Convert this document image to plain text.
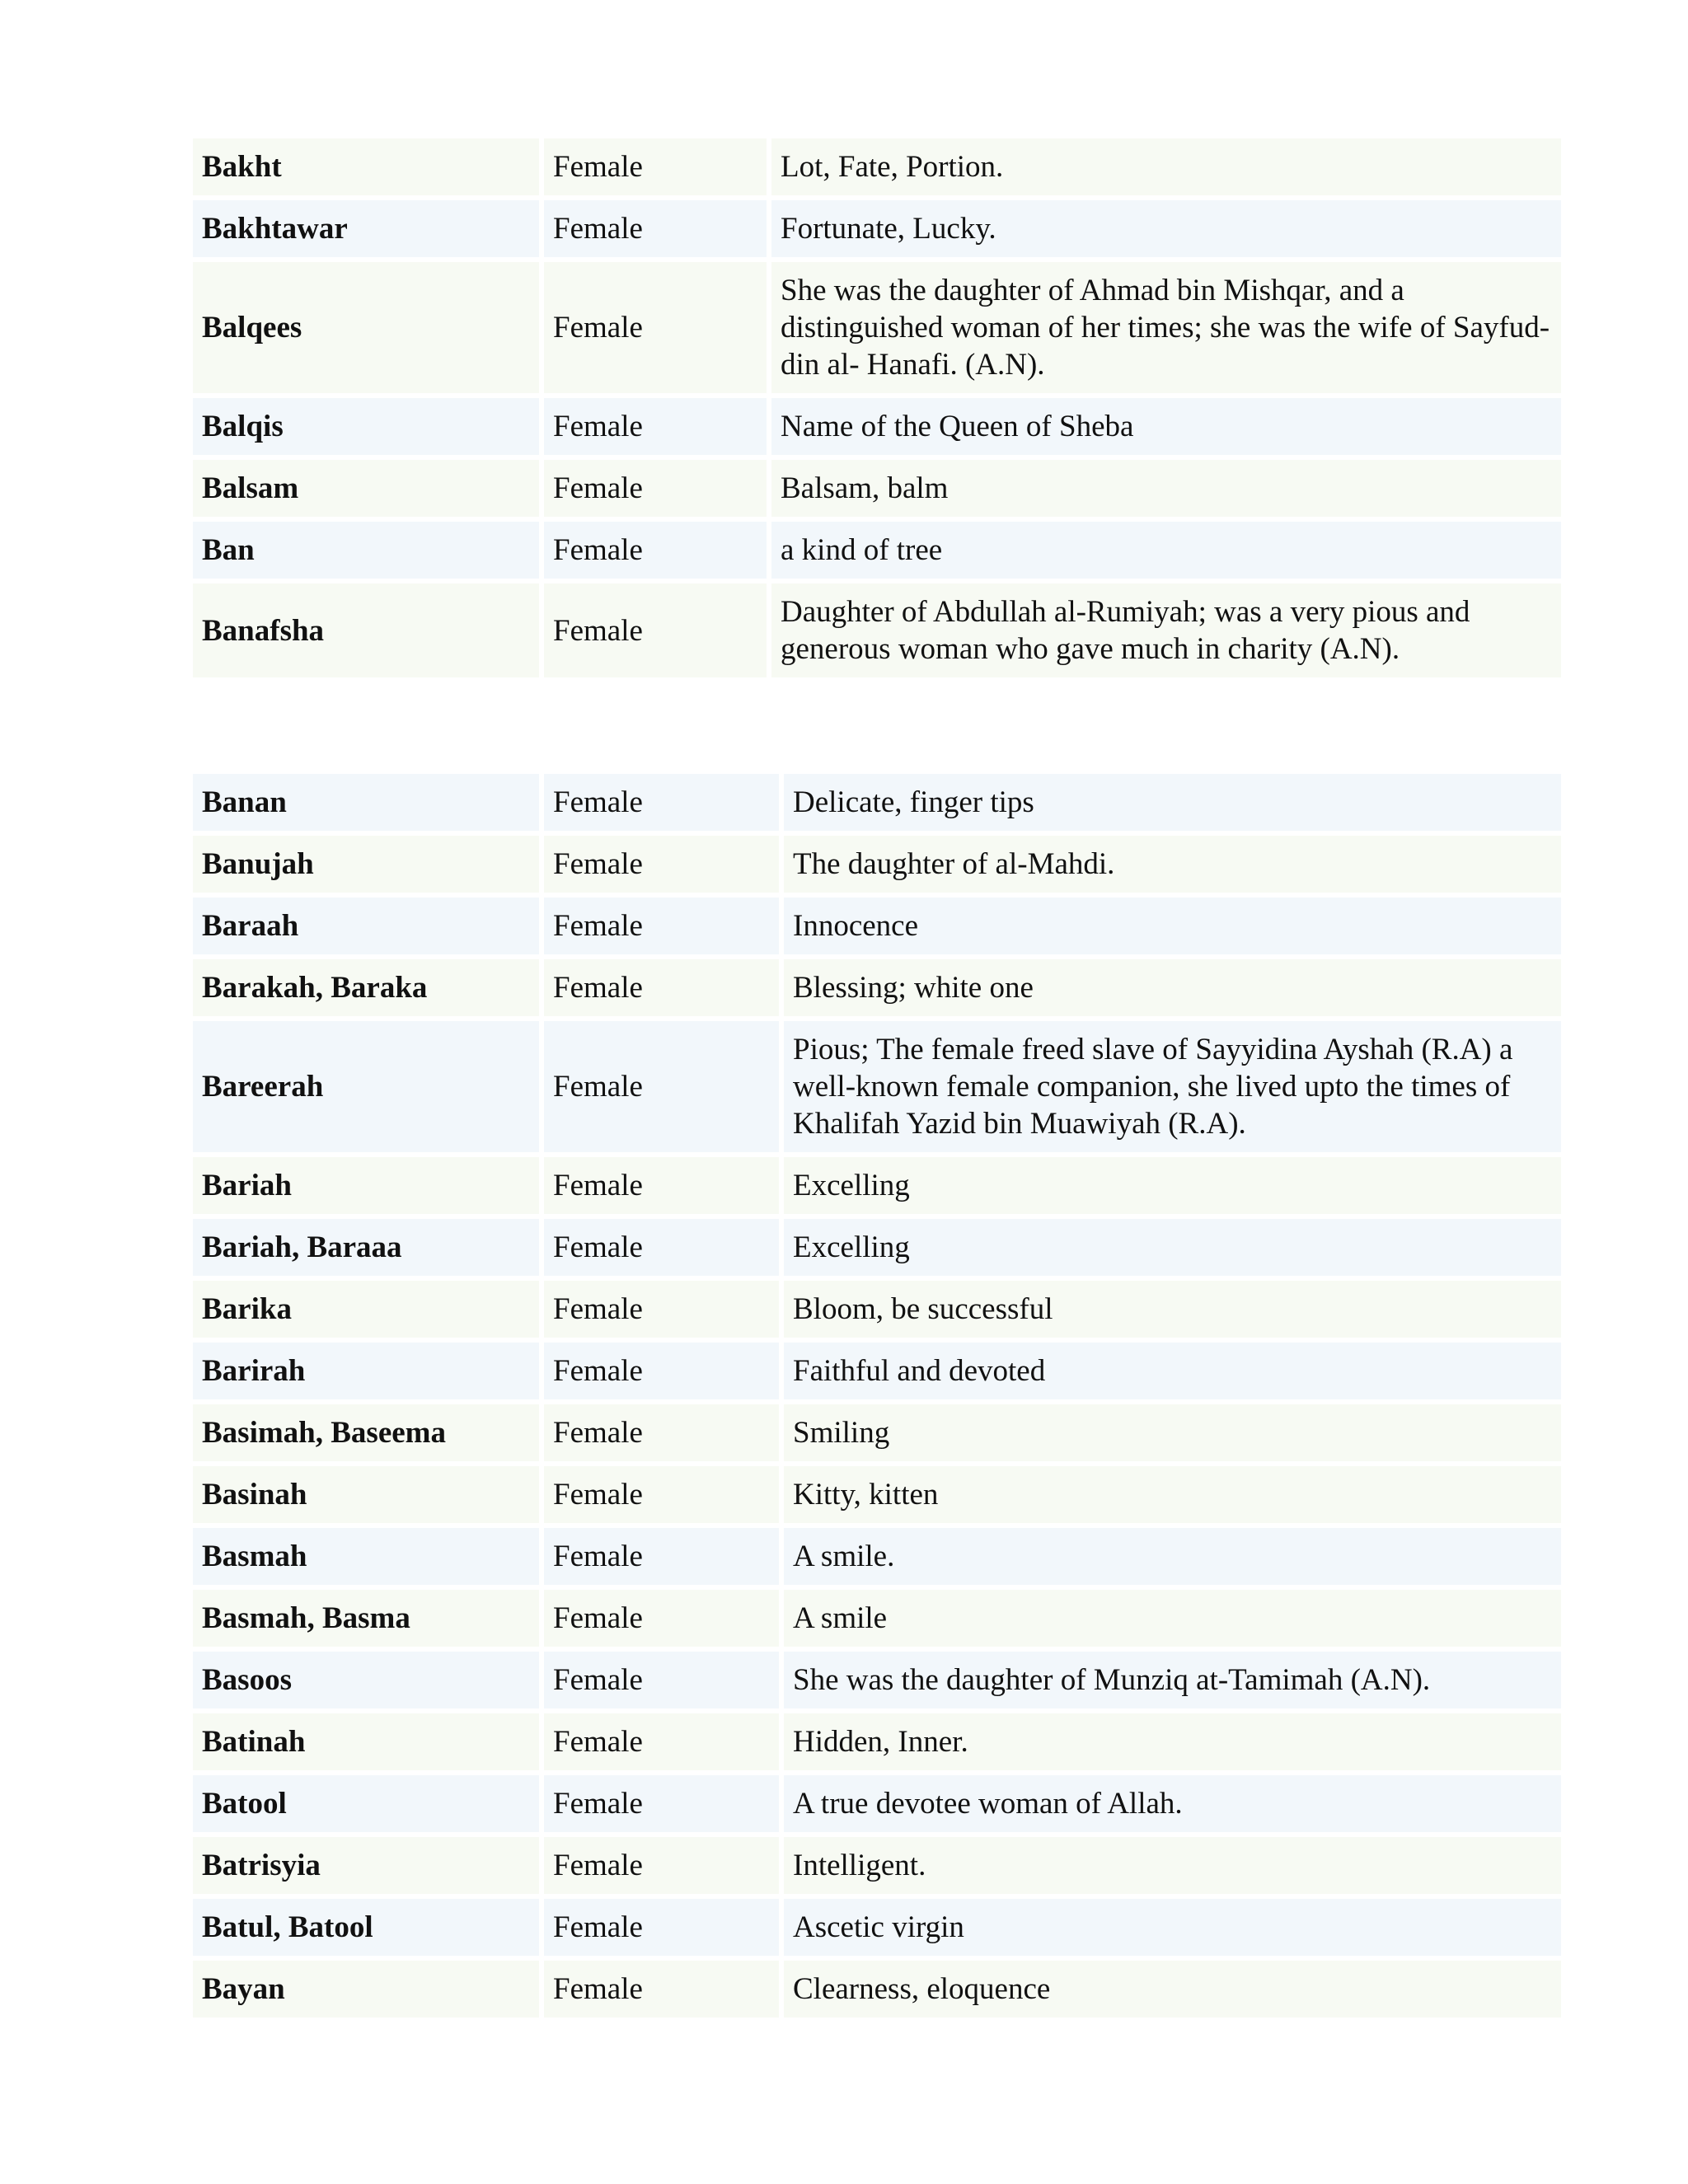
Bakht	Female	Lot, Fate, Portion.
Bakhtawar	Female	Fortunate, Lucky.
Balqees	Female	She was the daughter of Ahmad bin Mishqar, and a distinguished woman of her times; she was the wife of Sayfud-din al- Hanafi. (A.N).
Balqis	Female	Name of the Queen of Sheba
Balsam	Female	Balsam, balm
Ban	Female	a kind of tree
Banafsha	Female	Daughter of Abdullah al-Rumiyah; was a very pious and generous woman who gave much in charity (A.N).
Banan	Female	Delicate, finger tips
Banujah	Female	The daughter of al-Mahdi.
Baraah	Female	Innocence
Barakah, Baraka	Female	Blessing; white one
Bareerah	Female	Pious; The female freed slave of Sayyidina Ayshah (R.A) a well-known female companion, she lived upto the times of Khalifah Yazid bin Muawiyah (R.A).
Bariah	Female	Excelling
Bariah, Baraaa	Female	Excelling
Barika	Female	Bloom, be successful
Barirah	Female	Faithful and devoted
Basimah, Baseema	Female	Smiling
Basinah	Female	Kitty, kitten
Basmah	Female	A smile.
Basmah, Basma	Female	A smile
Basoos	Female	She was the daughter of Munziq at-Tamimah (A.N).
Batinah	Female	Hidden, Inner.
Batool	Female	A true devotee woman of Allah.
Batrisyia	Female	Intelligent.
Batul, Batool	Female	Ascetic virgin
Bayan	Female	Clearness, eloquence
